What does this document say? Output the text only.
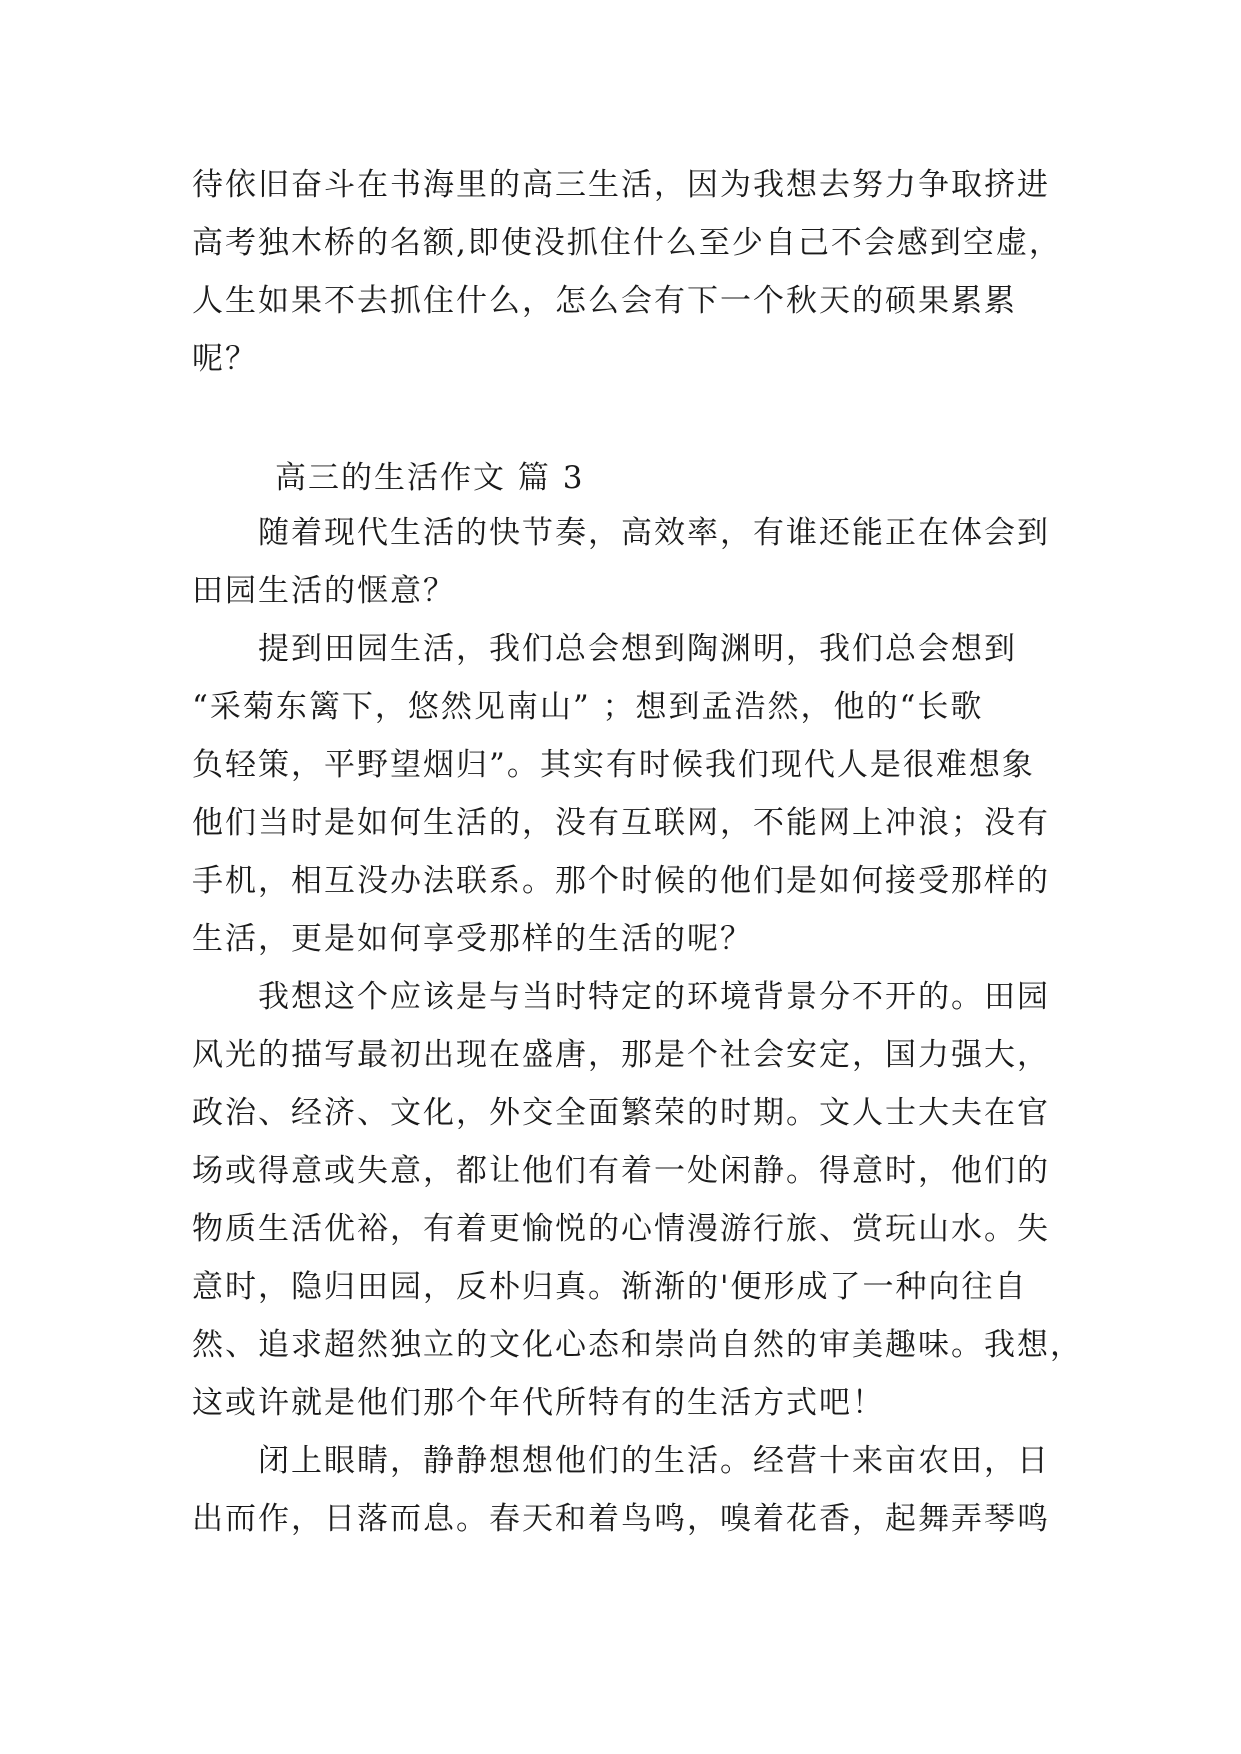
待依旧奋斗在书海里的高三生活，因为我想去努力争取挤进
高考独木桥的名额,即使没抓住什么至少自己不会感到空虚，
人生如果不去抓住什么，怎么会有下一个秋天的硕果累累
呢？
高三的生活作文 篇 3
随着现代生活的快节奏，高效率，有谁还能正在体会到
田园生活的惬意？
提到田园生活，我们总会想到陶渊明，我们总会想到
“采菊东篱下，悠然见南山” ；想到孟浩然，他的“长歌
负轻策，平野望烟归”。其实有时候我们现代人是很难想象
他们当时是如何生活的，没有互联网，不能网上冲浪；没有
手机，相互没办法联系。那个时候的他们是如何接受那样的
生活，更是如何享受那样的生活的呢？
我想这个应该是与当时特定的环境背景分不开的。田园
风光的描写最初出现在盛唐，那是个社会安定，国力强大，
政治、经济、文化，外交全面繁荣的时期。文人士大夫在官
场或得意或失意，都让他们有着一处闲静。得意时，他们的
物质生活优裕，有着更愉悦的心情漫游行旅、赏玩山水。失
意时，隐归田园，反朴归真。渐渐的'便形成了一种向往自
然、追求超然独立的文化心态和崇尚自然的审美趣味。我想，
这或许就是他们那个年代所特有的生活方式吧！
闭上眼睛，静静想想他们的生活。经营十来亩农田，日
出而作，日落而息。春天和着鸟鸣，嗅着花香，起舞弄琴鸣
